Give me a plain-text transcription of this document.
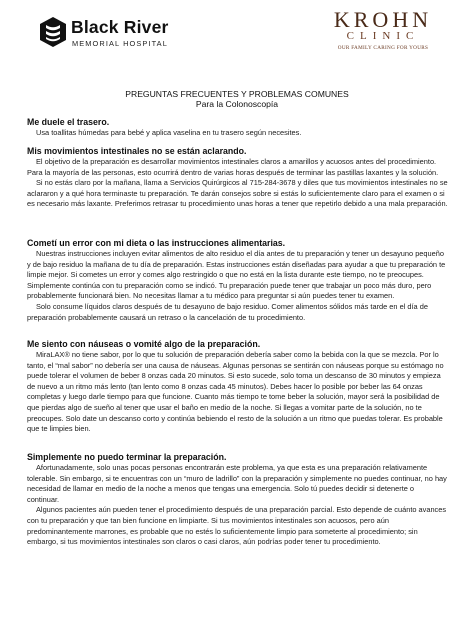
Black River
MEMORIAL HOSPITAL
KROHN
CLINIC
OUR FAMILY CARING FOR YOURS
PREGUNTAS FRECUENTES Y PROBLEMAS COMUNES
Para la Colonoscopía

Me duele el trasero.

Usa toallitas húmedas para bebé y aplica vaselina en tu trasero según necesites.

Mis movimientos intestinales no se están aclarando.

El objetivo de la preparación es desarrollar movimientos intestinales claros a amarillos y acuosos antes del procedimiento. Para la mayoría de las personas, esto ocurrirá dentro de varias horas después de terminar las pastillas laxantes y la solución.

Si no estás claro por la mañana, llama a Servicios Quirúrgicos al 715-284-3678 y diles que tus movimientos intestinales no se aclararon y a qué hora terminaste tu preparación. Te darán consejos sobre si estás lo suficientemente claro para el examen o si es necesario más laxante. Preferimos retrasar tu procedimiento unas horas a tener que repetirlo debido a una mala preparación.

Cometí un error con mi dieta o las instrucciones alimentarias.

Nuestras instrucciones incluyen evitar alimentos de alto residuo el día antes de tu preparación y tener un desayuno pequeño y de bajo residuo la mañana de tu día de preparación. Estas instrucciones están diseñadas para ayudar a que tu preparación te limpie mejor. Si cometes un error y comes algo restringido o que no está en la lista durante este tiempo, no te preocupes. Simplemente continúa con tu preparación como se indicó. Tu preparación puede tener que trabajar un poco más duro, pero probablemente funcionará bien. No necesitas llamar a tu médico para preguntar si aún puedes tener tu examen.

Solo consume líquidos claros después de tu desayuno de bajo residuo. Comer alimentos sólidos más tarde en el día de preparación probablemente causará un retraso o la cancelación de tu procedimiento.

Me siento con náuseas o vomité algo de la preparación.

MiraLAX® no tiene sabor, por lo que tu solución de preparación debería saber como la bebida con la que se mezcla. Por lo tanto, el “mal sabor” no debería ser una causa de náuseas. Algunas personas se sentirán con náuseas porque su estómago no puede tolerar el volumen de beber 8 onzas cada 20 minutos. Si esto sucede, solo toma un descanso de 30 minutos y empieza de nuevo a un ritmo más lento (tan lento como 8 onzas cada 45 minutos). Debes hacer lo posible por beber las 64 onzas completas y luego darle tiempo para que funcione. Cuanto más tiempo te tome beber la solución, mayor será la posibilidad de que pierdas algo de sueño al tener que usar el baño en medio de la noche. Si llegas a vomitar parte de la solución, no te preocupes. Solo date un descanso corto y continúa bebiendo el resto de la solución a un ritmo que puedas tolerar. Es probable que te limpies bien.

Simplemente no puedo terminar la preparación.

Afortunadamente, solo unas pocas personas encontrarán este problema, ya que esta es una preparación relativamente tolerable. Sin embargo, si te encuentras con un “muro de ladrillo” con la preparación y simplemente no puedes continuar, no hay necesidad de llamar en medio de la noche a menos que tengas una emergencia. Solo tú puedes decidir si detenerte o continuar.

Algunos pacientes aún pueden tener el procedimiento después de una preparación parcial. Esto depende de cuánto avances con tu preparación y que tan bien funcione en limpiarte. Si tus movimientos intestinales son acuosos, pero aún predominantemente marrones, es probable que no estés lo suficientemente limpio para someterte al procedimiento; sin embargo, si tus movimientos intestinales son claros o casi claros, aún podrías poder tener tu procedimiento.
